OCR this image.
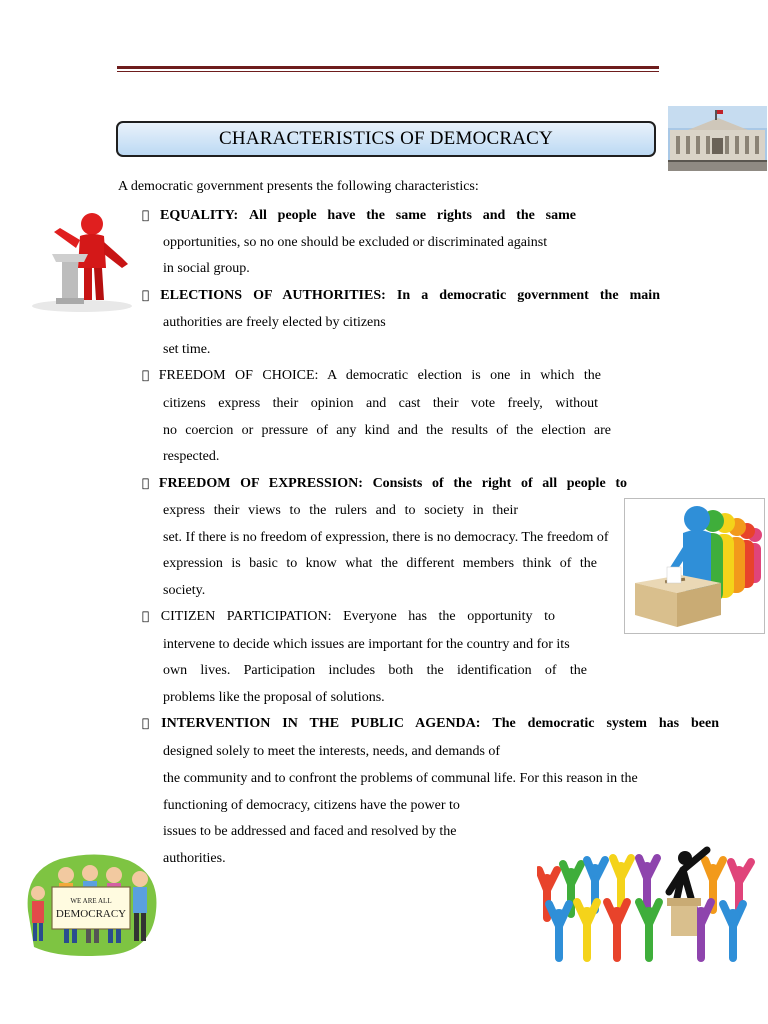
CHARACTERISTICS OF DEMOCRACY
WE ARE ALL
DEMOCRACY
A democratic government presents the following characteristics:
EQUALITY: All people have the same rights and the same
opportunities, so no one should be excluded or discriminated against
in social group.
ELECTIONS OF AUTHORITIES: In a democratic government the main
authorities are freely elected by citizens
set time.
FREEDOM OF CHOICE: A democratic election is one in which the
citizens express their opinion and cast their vote freely, without
no coercion or pressure of any kind and the results of the election are
respected.
FREEDOM OF EXPRESSION: Consists of the right of all people to
express their views to the rulers and to society in their
set. If there is no freedom of expression, there is no democracy. The freedom of
expression is basic to know what the different members think of the
society.
CITIZEN PARTICIPATION: Everyone has the opportunity to
intervene to decide which issues are important for the country and for its
own lives. Participation includes both the identification of the
problems like the proposal of solutions.
INTERVENTION IN THE PUBLIC AGENDA: The democratic system has been
designed solely to meet the interests, needs, and demands of
the community and to confront the problems of communal life. For this reason in the
functioning of democracy, citizens have the power to
issues to be addressed and faced and resolved by the
authorities.
